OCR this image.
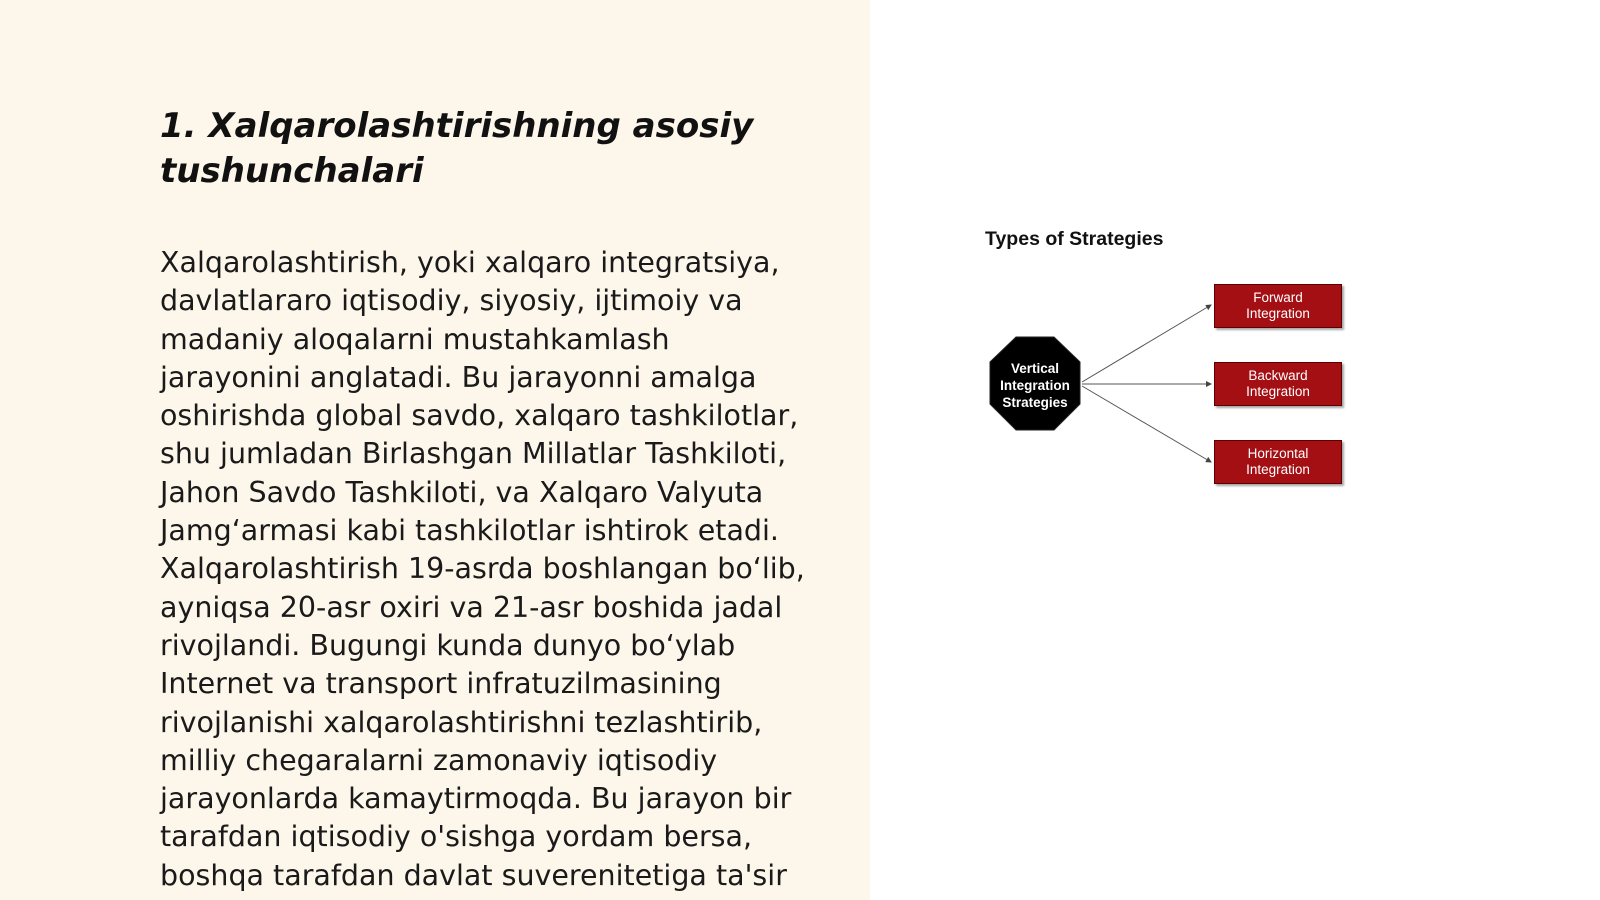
1. Xalqarolashtirishning asosiy
tushunchalari

Xalqarolashtirish, yoki xalqaro integratsiya,
davlatlararo iqtisodiy, siyosiy, ijtimoiy va
madaniy aloqalarni mustahkamlash
jarayonini anglatadi. Bu jarayonni amalga
oshirishda global savdo, xalqaro tashkilotlar,
shu jumladan Birlashgan Millatlar Tashkiloti,
Jahon Savdo Tashkiloti, va Xalqaro Valyuta
Jamg‘armasi kabi tashkilotlar ishtirok etadi.
Xalqarolashtirish 19-asrda boshlangan bo‘lib,
ayniqsa 20-asr oxiri va 21-asr boshida jadal
rivojlandi. Bugungi kunda dunyo bo‘ylab
Internet va transport infratuzilmasining
rivojlanishi xalqarolashtirishni tezlashtirib,
milliy chegaralarni zamonaviy iqtisodiy
jarayonlarda kamaytirmoqda. Bu jarayon bir
tarafdan iqtisodiy o'sishga yordam bersa,
boshqa tarafdan davlat suverenitetiga ta'sir

Types of Strategies
Vertical
Integration
Strategies
Forward
Integration
Backward
Integration
Horizontal
Integration
